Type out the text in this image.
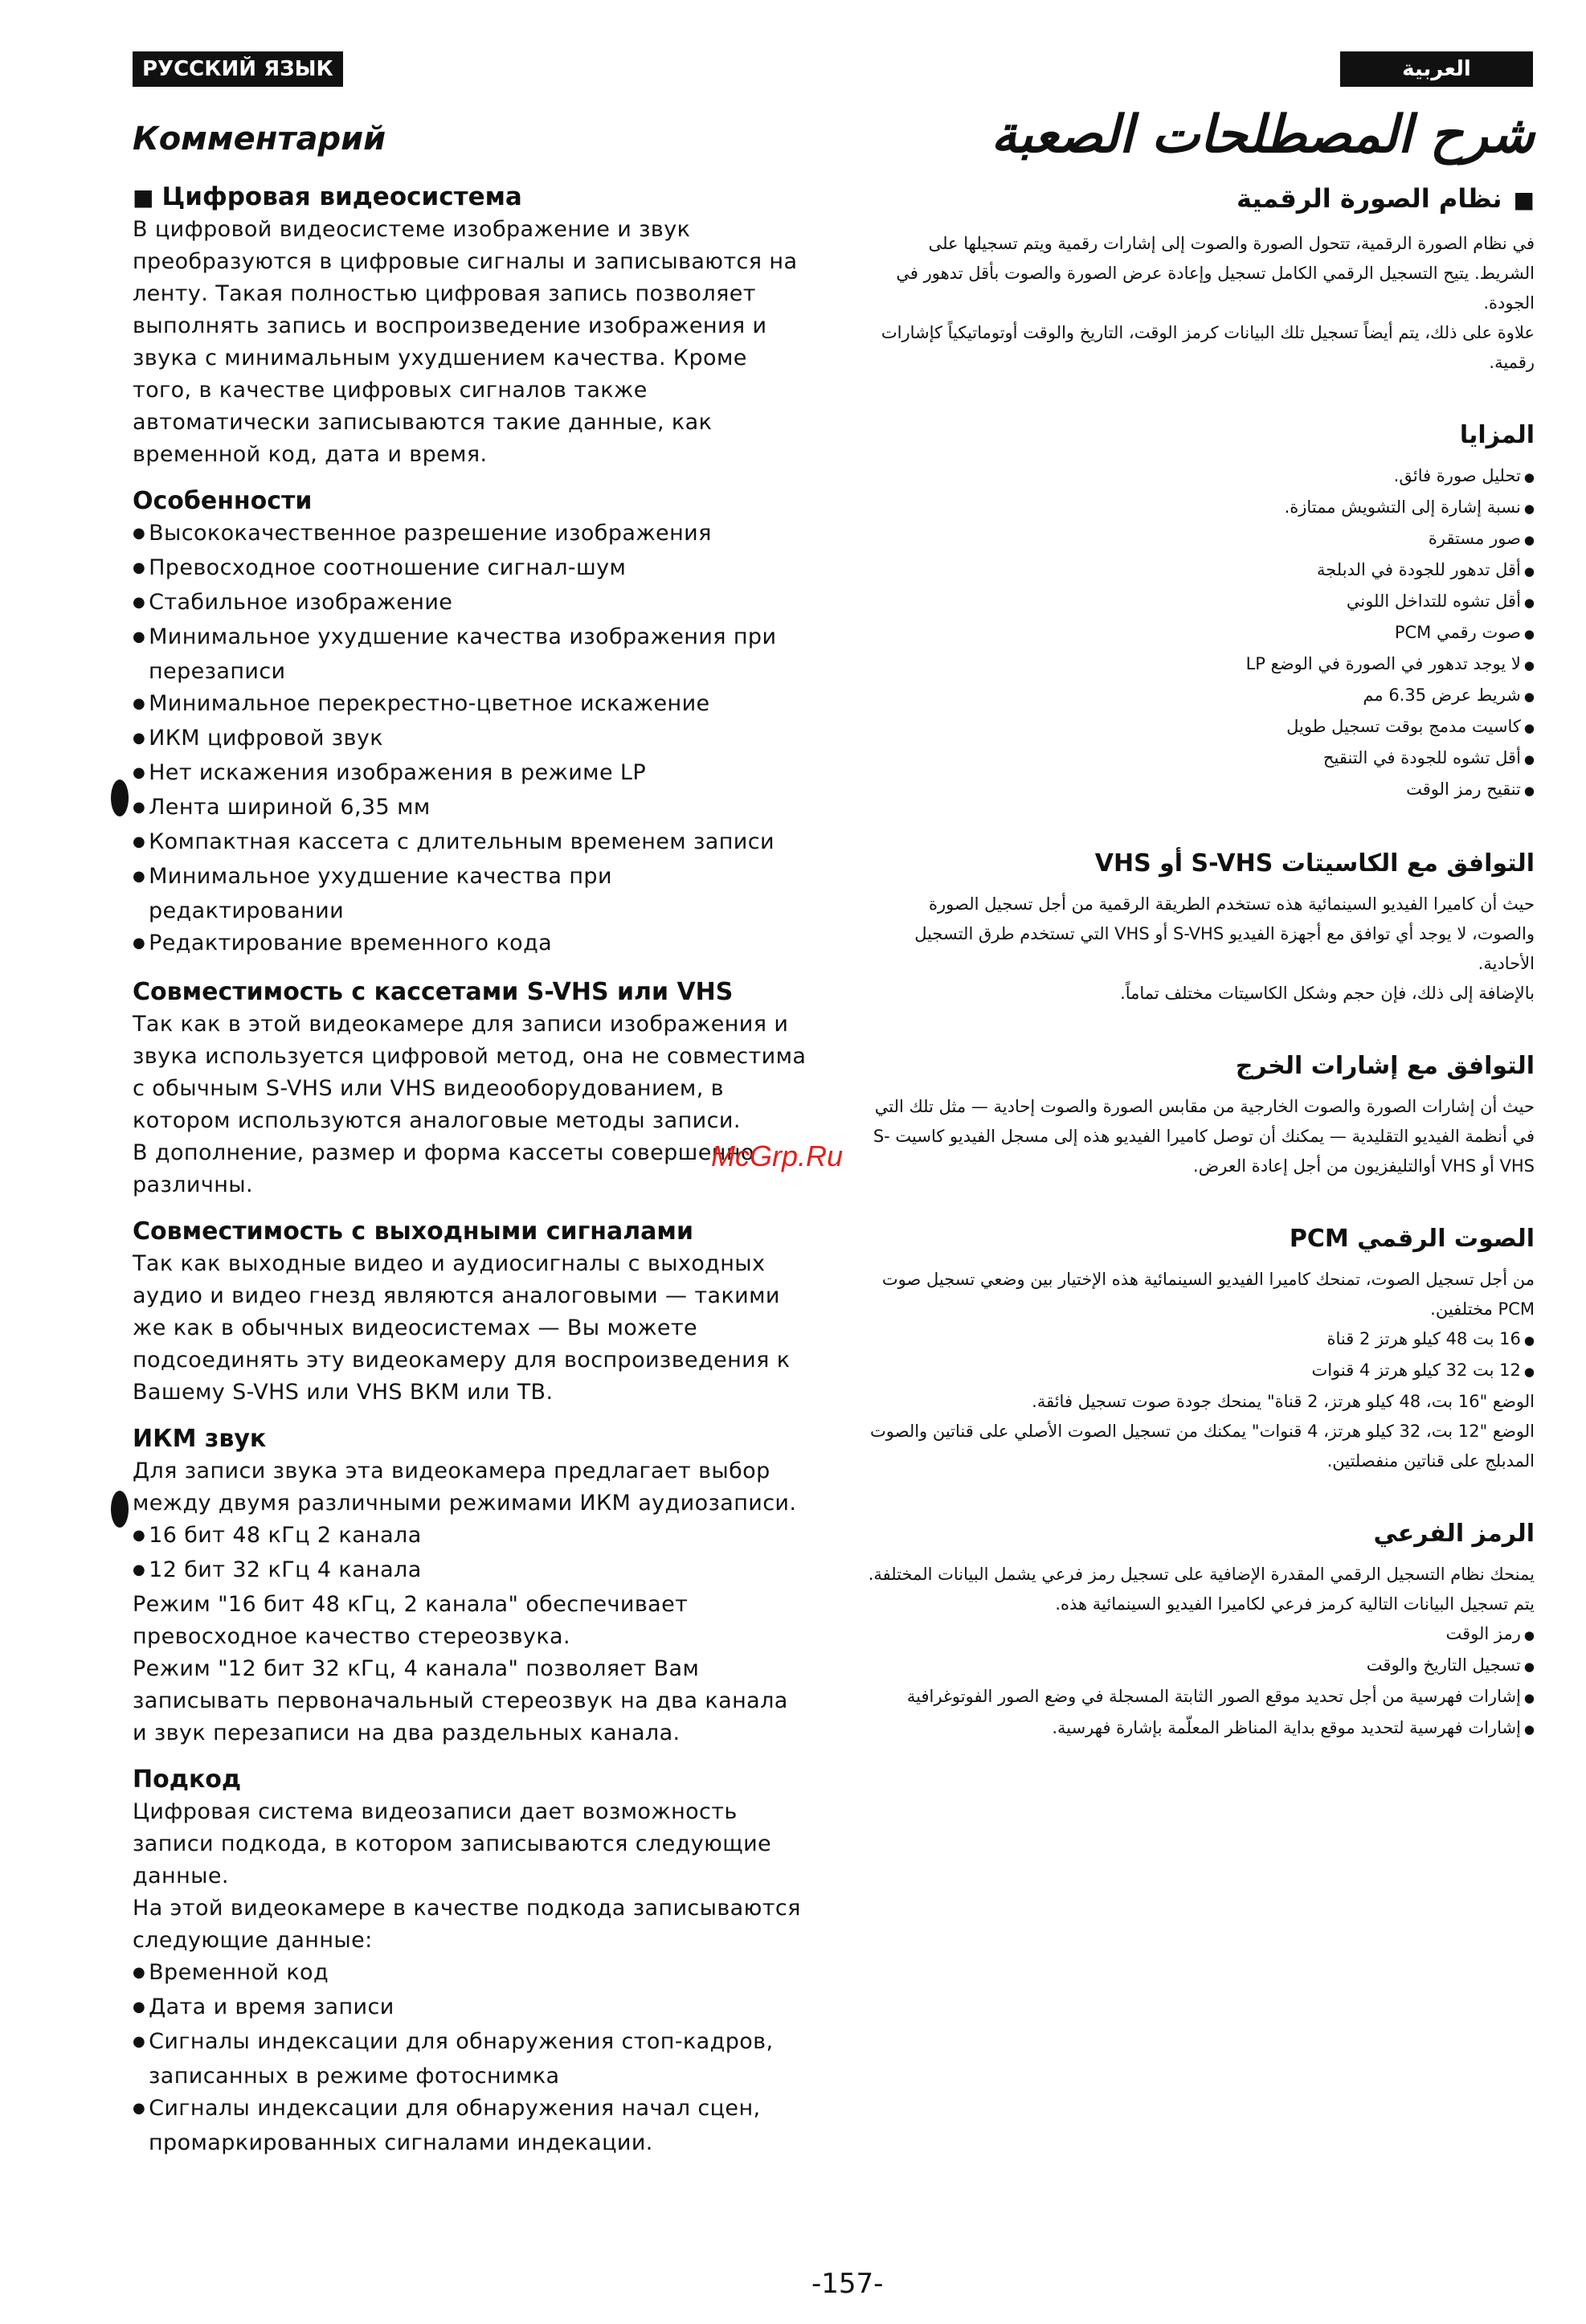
РУССКИЙ ЯЗЫК	العربية
Комментарий	شرح المصطلحات الصعبة
■ Цифровая видеосистема

В цифровой видеосистеме изображение и звук преобразуются в цифровые сигналы и записываются на ленту. Такая полностью цифровая запись позволяет выполнять запись и воспроизведение изображения и звука с минимальным ухудшением качества. Кроме того, в качестве цифровых сигналов также автоматически записываются такие данные, как временной код, дата и время.

Особенности
● Высококачественное разрешение изображения
● Превосходное соотношение сигнал-шум
● Стабильное изображение
● Минимальное ухудшение качества изображения при перезаписи
● Минимальное перекрестно-цветное искажение
● ИКМ цифровой звук
● Нет искажения изображения в режиме LP
● Лента шириной 6,35 мм
● Компактная кассета с длительным временем записи
● Минимальное ухудшение качества при редактировании
● Редактирование временного кода
Совместимость с кассетами S-VHS или VHS

Так как в этой видеокамере для записи изображения и звука используется цифровой метод, она не совместима с обычным S-VHS или VHS видеооборудованием, в котором используются аналоговые методы записи.

В дополнение, размер и форма кассеты совершенно различны.

Совместимость с выходными сигналами

Так как выходные видео и аудиосигналы с выходных аудио и видео гнезд являются аналоговыми — такими же как в обычных видеосистемах — Вы можете подсоединять эту видеокамеру для воспроизведения к Вашему S-VHS или VHS ВКМ или ТВ.

ИКМ звук

Для записи звука эта видеокамера предлагает выбор между двумя различными режимами ИКМ аудиозаписи.

● 16 бит 48 кГц 2 канала
● 12 бит 32 кГц 4 канала

Режим "16 бит 48 кГц, 2 канала" обеспечивает превосходное качество стереозвука.

Режим "12 бит 32 кГц, 4 канала" позволяет Вам записывать первоначальный стереозвук на два канала и звук перезаписи на два раздельных канала.

Подкод

Цифровая система видеозаписи дает возможность записи подкода, в котором записываются следующие данные.

На этой видеокамере в качестве подкода записываются следующие данные:

● Временной код
● Дата и время записи
● Сигналы индексации для обнаружения стоп-кадров, записанных в режиме фотоснимка
● Сигналы индексации для обнаружения начал сцен, промаркированных сигналами индекации.
■ نظام الصورة الرقمية

في نظام الصورة الرقمية، تتحول الصورة والصوت إلى إشارات رقمية ويتم تسجيلها على الشريط. يتيح التسجيل الرقمي الكامل تسجيل وإعادة عرض الصورة والصوت بأقل تدهور في الجودة.

علاوة على ذلك، يتم أيضاً تسجيل تلك البيانات كرمز الوقت، التاريخ والوقت أوتوماتيكياً كإشارات رقمية.

المزايا
● تحليل صورة فائق.
● نسبة إشارة إلى التشويش ممتازة.
● صور مستقرة
● أقل تدهور للجودة في الدبلجة
● أقل تشوه للتداخل اللوني
● صوت رقمي PCM
● لا يوجد تدهور في الصورة في الوضع LP
● شريط عرض 6.35 مم
● كاسيت مدمج بوقت تسجيل طويل
● أقل تشوه للجودة في التنقيح
● تنقيح رمز الوقت
التوافق مع الكاسيتات S-VHS أو VHS

حيث أن كاميرا الفيديو السينمائية هذه تستخدم الطريقة الرقمية من أجل تسجيل الصورة والصوت، لا يوجد أي توافق مع أجهزة الفيديو S-VHS أو VHS التي تستخدم طرق التسجيل الأحادية.

بالإضافة إلى ذلك، فإن حجم وشكل الكاسيتات مختلف تماماً.

التوافق مع إشارات الخرج

حيث أن إشارات الصورة والصوت الخارجية من مقابس الصورة والصوت إحادية — مثل تلك التي في أنظمة الفيديو التقليدية — يمكنك أن توصل كاميرا الفيديو هذه إلى مسجل الفيديو كاسيت S-VHS أو VHS أوالتليفزيون من أجل إعادة العرض.

الصوت الرقمي PCM

من أجل تسجيل الصوت، تمنحك كاميرا الفيديو السينمائية هذه الإختيار بين وضعي تسجيل صوت PCM مختلفين.

● 16 بت 48 كيلو هرتز 2 قناة
● 12 بت 32 كيلو هرتز 4 قنوات

الوضع "16 بت، 48 كيلو هرتز، 2 قناة" يمنحك جودة صوت تسجيل فائقة.

الوضع "12 بت، 32 كيلو هرتز، 4 قنوات" يمكنك من تسجيل الصوت الأصلي على قناتين والصوت المدبلج على قناتين منفصلتين.

الرمز الفرعي

يمنحك نظام التسجيل الرقمي المقدرة الإضافية على تسجيل رمز فرعي يشمل البيانات المختلفة.

يتم تسجيل البيانات التالية كرمز فرعي لكاميرا الفيديو السينمائية هذه.

● رمز الوقت
● تسجيل التاريخ والوقت
● إشارات فهرسية من أجل تحديد موقع الصور الثابتة المسجلة في وضع الصور الفوتوغرافية
● إشارات فهرسية لتحديد موقع بداية المناظر المعلّمة بإشارة فهرسية.
McGrp.Ru
-157-
